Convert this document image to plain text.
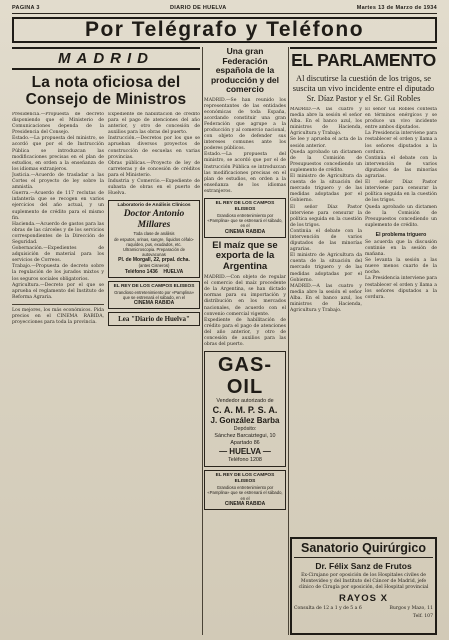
PAGINA 3	DIARIO DE HUELVA	Martes 13 de Marzo de 1934
Por Telégrafo y Teléfono
MADRID
La nota oficiosa del Consejo de Ministros

Presidencia.—Propuesta de decreto disponiendo que el Ministerio de Comunicaciones dependa de la Presidencia del Consejo.

Estado.—La propuesta del ministro, se acordó que por el de Instrucción Pública se introduzcan las modificaciones precisas en el plan de estudios, en orden a la enseñanza de los idiomas extranjeros.

Justicia.—Acuerdo de trasladar a las Cortes el proyecto de ley sobre la amnistía.

Guerra.—Acuerdo de 117 reclutas de infantería que se recogen en varios ejercicios del año actual, y un suplemento de crédito para el mismo fin.

Hacienda.—Acuerdo de gastos para las obras de las cárceles y de los servicios correspondientes de la Dirección de Seguridad.

Gobernación.—Expedientes de adquisición de material para los servicios de Correos.

Trabajo.—Propuesta de decreto sobre la regulación de los jurados mixtos y los seguros sociales obligatorios.

Agricultura.—Decreto por el que se aprueba el reglamento del Instituto de Reforma Agraria.

Los mejores, los más económicos. Pida precios en el CINEMA RABIDA, proyecciones para toda la provincia.

Expediente de habilitación de crédito para el pago de atenciones del año anterior, y otro de concesión de auxilios para las obras del puerto.

Instrucción.—Decretos por los que se aprueban diversos proyectos de construcción de escuelas en varias provincias.

Obras públicas.—Proyecto de ley de carreteras y de concesión de créditos para el Ministerio.

Industria y Comercio.—Expediente de subasta de obras en el puerto de Huelva.

Laboratorio de Análisis Clínicos
Doctor Antonio Millares
Toda clase de análisis
de esputos, orinas, sangre, líquidos céfalo-raquídeo, pus, exudados, etc.
Ultramicroscopia. Preparación de autovacunas
Pl. de Morgall, 22, prpal. dcha.
(antes Cisneros)
Teléfono 1436 HUELVA
EL REY DE LOS CAMPOS ELISEOS
Grandioso entretenimiento por «Pamplina» que se estrenará el sábado, en el
CINEMA RABIDA
Lea "Diario de Huelva"
Una gran Federación española de la producción y del comercio

MADRID.—Se han reunido los representantes de las entidades económicas de toda España, acordando constituir una gran Federación que agrupe a la producción y al comercio nacional, con objeto de defender sus intereses comunes ante los poderes públicos.

Estado.—La propuesta del ministro, se acordó que por el de Instrucción Pública se introduzcan las modificaciones precisas en el plan de estudios, en orden a la enseñanza de los idiomas extranjeros.

EL REY DE LOS CAMPOS ELISEOS
Grandioso entretenimiento por «Pamplina» que se estrenará el sábado, en el
CINEMA RABIDA
El maíz que se exporta de la Argentina

MADRID.—Con objeto de regular el comercio del maíz procedente de la Argentina, se han dictado normas para su importación y distribución en los mercados nacionales, de acuerdo con el convenio comercial vigente.

Expediente de habilitación de crédito para el pago de atenciones del año anterior, y otro de concesión de auxilios para las obras del puerto.

GAS-OIL
Vendedor autorizado de
C. A. M. P. S. A.
J. González Barba
Depósito:
Sánchez Barcaiztegui, 10
Apartado 86
— HUELVA —
Teléfono 1208
EL REY DE LOS CAMPOS ELISEOS
Grandioso entretenimiento por «Pamplina» que se estrenará el sábado, en el
CINEMA RABIDA
EL PARLAMENTO
Al discutirse la cuestión de los trigos, se suscita un vivo incidente entre el diputado Sr. Díaz Pastor y el Sr. Gil Robles

MADRID.—A las cuatro y media abre la sesión el señor Alba. En el banco azul, los ministros de Hacienda, Agricultura y Trabajo.

Se lee y aprueba el acta de la sesión anterior.

Queda aprobado un dictamen de la Comisión de Presupuestos concediendo un suplemento de crédito.

El ministro de Agricultura da cuenta de la situación del mercado triguero y de las medidas adoptadas por el Gobierno.

El señor Díaz Pastor interviene para censurar la política seguida en la cuestión de los trigos.

Continúa el debate con la intervención de varios diputados de las minorías agrarias.

El ministro de Agricultura da cuenta de la situación del mercado triguero y de las medidas adoptadas por el Gobierno.

MADRID.—A las cuatro y media abre la sesión el señor Alba. En el banco azul, los ministros de Hacienda, Agricultura y Trabajo.

El señor Gil Robles contesta en términos enérgicos y se produce un vivo incidente entre ambos diputados.

La Presidencia interviene para restablecer el orden y llama a los señores diputados a la cordura.

Continúa el debate con la intervención de varios diputados de las minorías agrarias.

El señor Díaz Pastor interviene para censurar la política seguida en la cuestión de los trigos.

Queda aprobado un dictamen de la Comisión de Presupuestos concediendo un suplemento de crédito.

El problema triguero

Se acuerda que la discusión continúe en la sesión de mañana.

Se levanta la sesión a las nueve menos cuarto de la noche.

La Presidencia interviene para restablecer el orden y llama a los señores diputados a la cordura.

Sanatorio Quirúrgico
Dr. Félix Sanz de Frutos
Ex-Cirujano por oposición de los Hospitales civiles de Montevideo y del Instituto del Cáncer de Madrid, jefe clínico de Cirugía por oposición, del Hospital provincial
RAYOS X
Consulta de 12 a 1 y de 5 a 6	Burgos y Mazo, 11
Telf. 107
